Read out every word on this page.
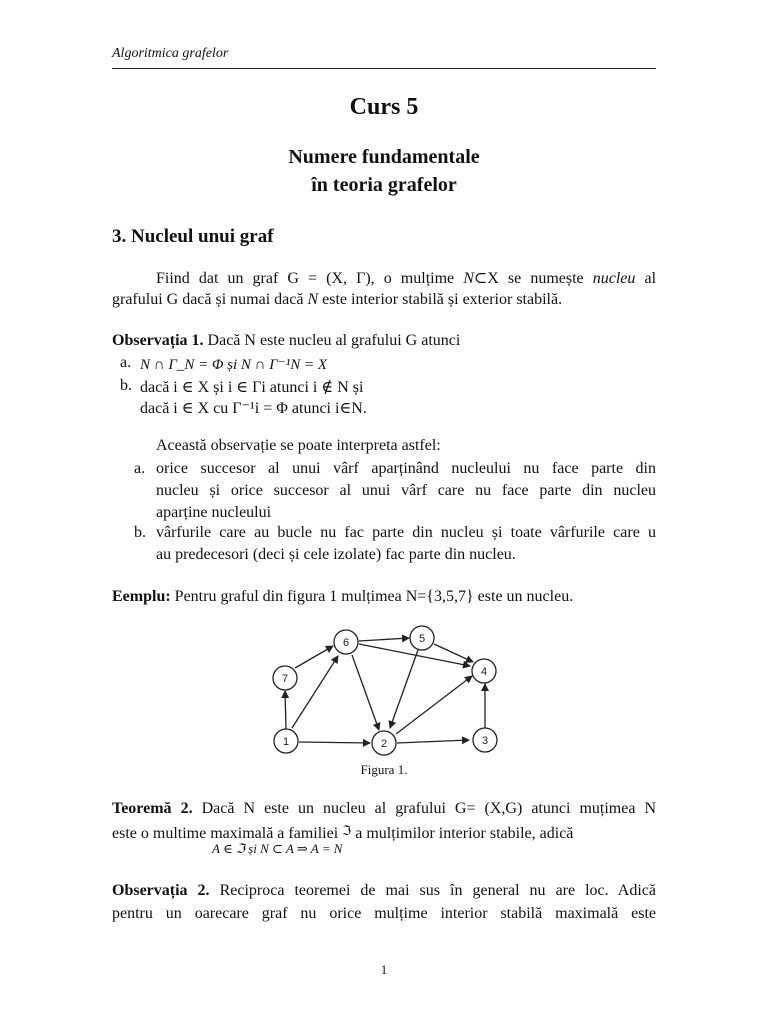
Algoritmica grafelor
Curs 5
Numere fundamentale
în teoria grafelor
3. Nucleul unui graf
Fiind dat un graf G = (X, Γ), o mulțime N⊂X se numește nucleu al
grafului G dacă și numai dacă N este interior stabilă și exterior stabilă.
Observația 1. Dacă N este nucleu al grafului G atunci
a. N ∩ Γ_N = Φ și N ∩ Γ⁻¹N = X
b. dacă i ∈ X și i ∈ Γi atunci i ∉ N și
dacă i ∈ X cu Γ⁻¹i = Φ atunci i∈N.
Această observație se poate interpreta astfel:
a. orice succesor al unui vârf aparținând nucleului nu face parte din
nucleu și orice succesor al unui vârf care nu face parte din nucleu
aparține nucleului
b. vârfurile care au bucle nu fac parte din nucleu și toate vârfurile care u
au predecesori (deci și cele izolate) fac parte din nucleu.
Eemplu: Pentru graful din figura 1 mulțimea N={3,5,7} este un nucleu.
1	2	3
4
5
6
7
Figura 1.
Teoremă 2. Dacă N este un nucleu al grafului G= (X,G) atunci muțimea N
este o multime maximală a familiei ℑ a mulțimilor interior stabile, adică
A ∈ ℑ și N ⊂ A ⇒ A = N
Observația 2. Reciproca teoremei de mai sus în general nu are loc. Adică
pentru un oarecare graf nu orice mulțime interior stabilă maximală este
1
